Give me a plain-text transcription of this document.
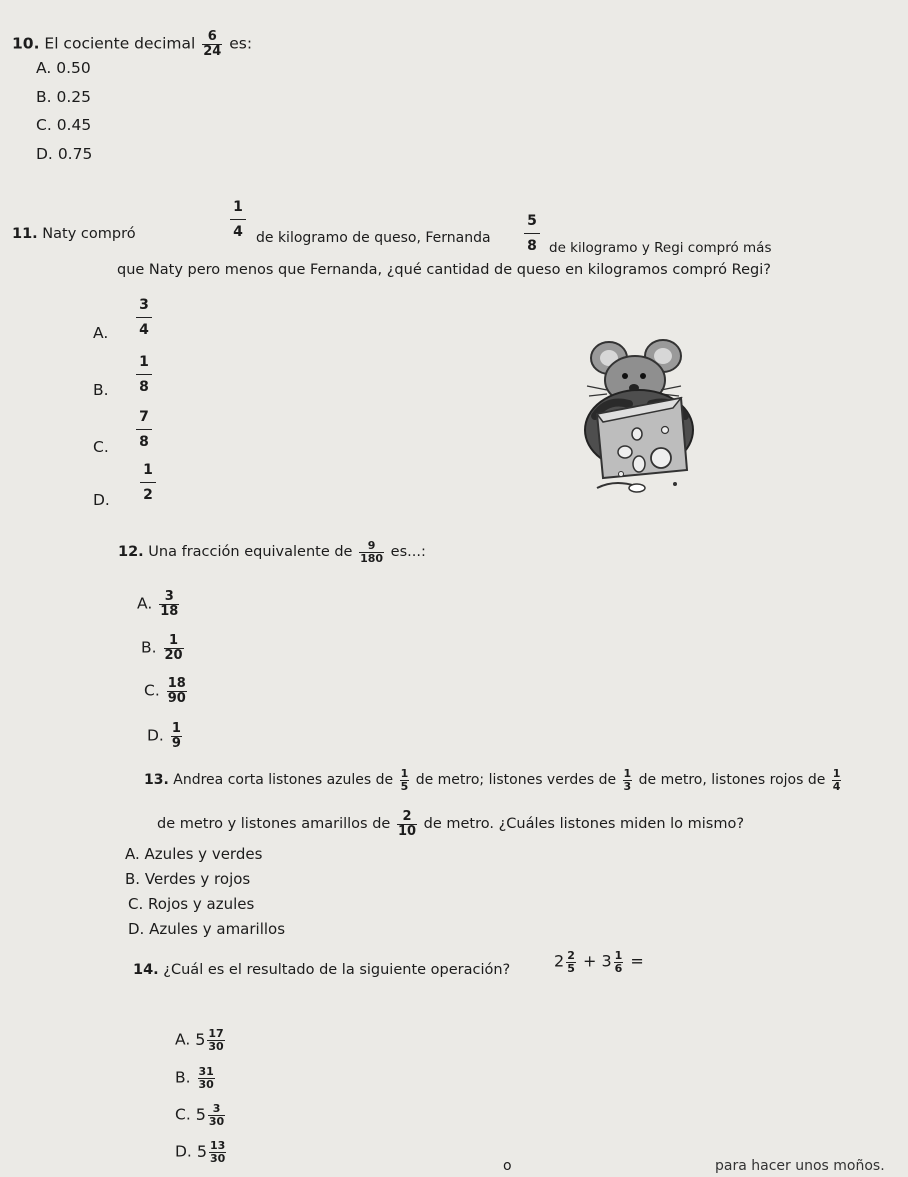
10. El cociente decimal $\frac{6}{24}$ es:
A. 0.50
B. 0.25
C. 0.45
D. 0.75
11. Naty compró
1
4 de kilogramo de queso, Fernanda
5
8 de kilogramo y Regi compró más
que Naty pero menos que Fernanda, ¿qué cantidad de queso en kilogramos compró Regi?
A.
3
4
B.
1
8
C.
7
8
D.
1
2
12. Una fracción equivalente de $\frac{9}{180}$ es...:
A. $\frac{3}{18}$
B. $\frac{1}{20}$
C. $\frac{18}{90}$
D. $\frac{1}{9}$
13. Andrea corta listones azules de $\frac{1}{5}$ de metro; listones verdes de $\frac{1}{3}$ de metro, listones rojos de $\frac{1}{4}$
de metro y listones amarillos de $\frac{2}{10}$ de metro. ¿Cuáles listones miden lo mismo?
A. Azules y verdes
B. Verdes y rojos
C. Rojos y azules
D. Azules y amarillos
14. ¿Cuál es el resultado de la siguiente operación?	$2 \frac{2}{5} + 3 \frac{1}{6}$ =
A. $5 \frac{17}{30}$
B. $\frac{31}{30}$
C. $5 \frac{3}{30}$
D. $5 \frac{13}{30}$
o	para hacer unos moños.
